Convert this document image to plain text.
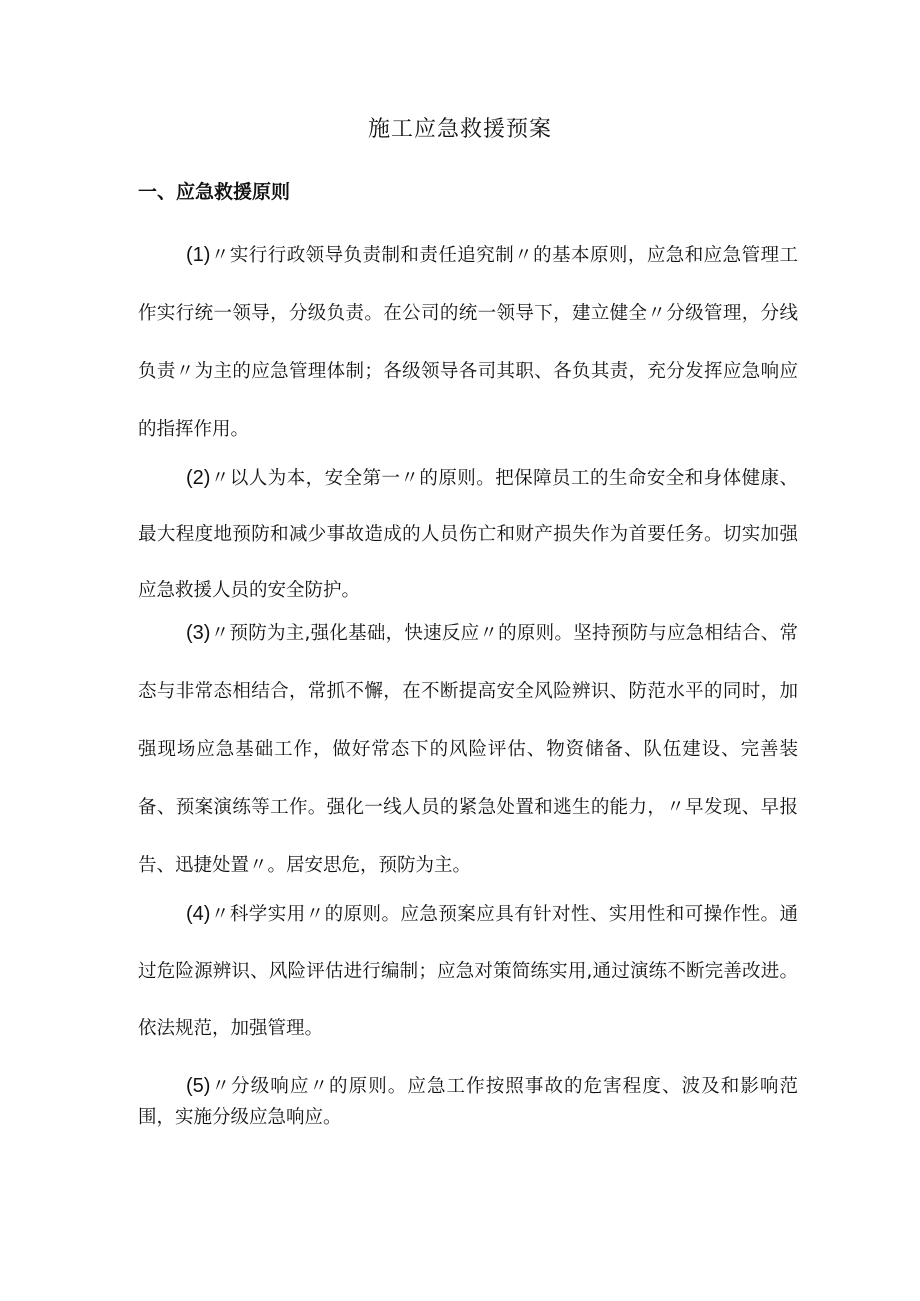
施工应急救援预案
一、应急救援原则

(1)〃实行行政领导负责制和责任追究制〃的基本原则，应急和应急管理工作实行统一领导，分级负责。在公司的统一领导下，建立健全〃分级管理，分线负责〃为主的应急管理体制；各级领导各司其职、各负其责，充分发挥应急响应的指挥作用。

(2)〃以人为本，安全第一〃的原则。把保障员工的生命安全和身体健康、最大程度地预防和减少事故造成的人员伤亡和财产损失作为首要任务。切实加强应急救援人员的安全防护。

(3)〃预防为主,强化基础，快速反应〃的原则。坚持预防与应急相结合、常态与非常态相结合，常抓不懈，在不断提高安全风险辨识、防范水平的同时，加强现场应急基础工作，做好常态下的风险评估、物资储备、队伍建设、完善装备、预案演练等工作。强化一线人员的紧急处置和逃生的能力，〃早发现、早报告、迅捷处置〃。居安思危，预防为主。

(4)〃科学实用〃的原则。应急预案应具有针对性、实用性和可操作性。通过危险源辨识、风险评估进行编制；应急对策简练实用,通过演练不断完善改进。依法规范，加强管理。

(5)〃分级响应〃的原则。应急工作按照事故的危害程度、波及和影响范围，实施分级应急响应。
